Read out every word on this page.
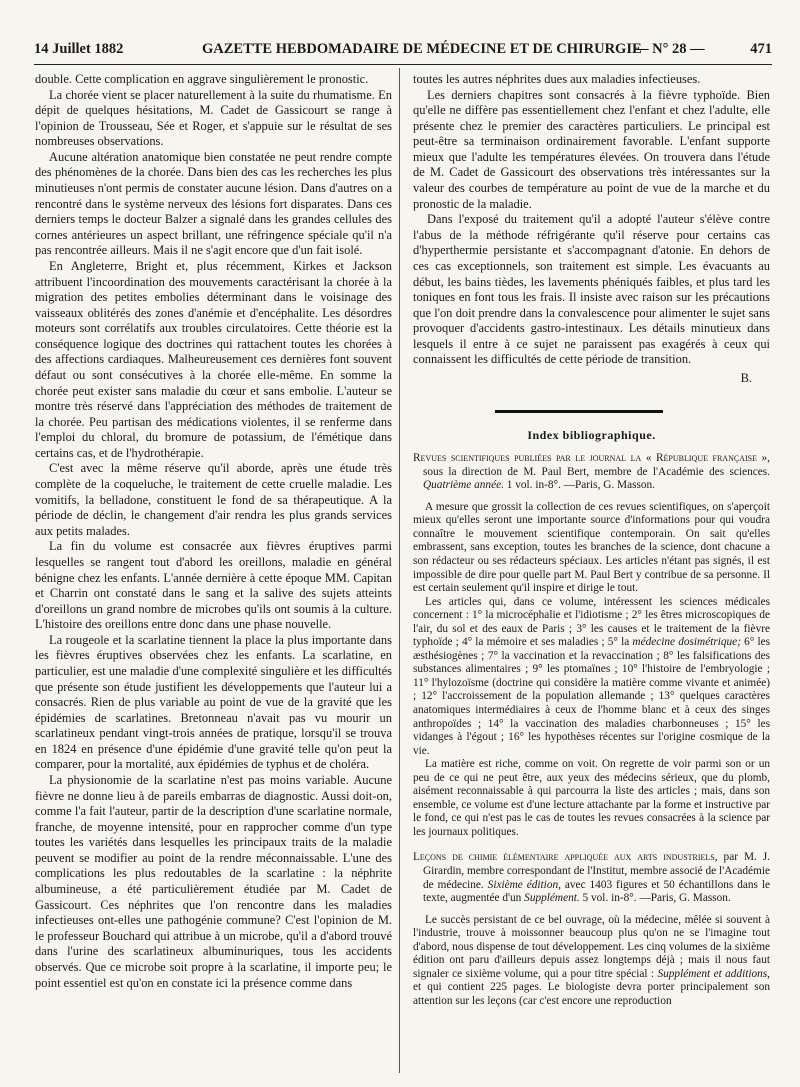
14 Juillet 1882	GAZETTE HEBDOMADAIRE DE MÉDECINE ET DE CHIRURGIE
— N° 28 —	471

double. Cette complication en aggrave singulièrement le pronostic.

La chorée vient se placer naturellement à la suite du rhumatisme. En dépit de quelques hésitations, M. Cadet de Gassicourt se range à l'opinion de Trousseau, Sée et Roger, et s'appuie sur le résultat de ses nombreuses observations.

Aucune altération anatomique bien constatée ne peut rendre compte des phénomènes de la chorée. Dans bien des cas les recherches les plus minutieuses n'ont permis de constater aucune lésion. Dans d'autres on a rencontré dans le système nerveux des lésions fort disparates. Dans ces derniers temps le docteur Balzer a signalé dans les grandes cellules des cornes antérieures un aspect brillant, une réfringence spéciale qu'il n'a pas rencontrée ailleurs. Mais il ne s'agit encore que d'un fait isolé.

En Angleterre, Bright et, plus récemment, Kirkes et Jackson attribuent l'incoordination des mouvements caractérisant la chorée à la migration des petites embolies déterminant dans le voisinage des vaisseaux oblitérés des zones d'anémie et d'encéphalite. Les désordres moteurs sont corrélatifs aux troubles circulatoires. Cette théorie est la conséquence logique des doctrines qui rattachent toutes les chorées à des affections cardiaques. Malheureusement ces dernières font souvent défaut ou sont consécutives à la chorée elle-même. En somme la chorée peut exister sans maladie du cœur et sans embolie. L'auteur se montre très réservé dans l'appréciation des méthodes de traitement de la chorée. Peu partisan des médications violentes, il se renferme dans l'emploi du chloral, du bromure de potassium, de l'émétique dans certains cas, et de l'hydrothérapie.

C'est avec la même réserve qu'il aborde, après une étude très complète de la coqueluche, le traitement de cette cruelle maladie. Les vomitifs, la belladone, constituent le fond de sa thérapeutique. A la période de déclin, le changement d'air rendra les plus grands services aux petits malades.

La fin du volume est consacrée aux fièvres éruptives parmi lesquelles se rangent tout d'abord les oreillons, maladie en général bénigne chez les enfants. L'année dernière à cette époque MM. Capitan et Charrin ont constaté dans le sang et la salive des sujets atteints d'oreillons un grand nombre de microbes qu'ils ont soumis à la culture. L'histoire des oreillons entre donc dans une phase nouvelle.

La rougeole et la scarlatine tiennent la place la plus importante dans les fièvres éruptives observées chez les enfants. La scarlatine, en particulier, est une maladie d'une complexité singulière et les difficultés que présente son étude justifient les développements que l'auteur lui a consacrés. Rien de plus variable au point de vue de la gravité que les épidémies de scarlatines. Bretonneau n'avait pas vu mourir un scarlatineux pendant vingt-trois années de pratique, lorsqu'il se trouva en 1824 en présence d'une épidémie d'une gravité telle qu'on peut la comparer, pour la mortalité, aux épidémies de typhus et de choléra.

La physionomie de la scarlatine n'est pas moins variable. Aucune fièvre ne donne lieu à de pareils embarras de diagnostic. Aussi doit-on, comme l'a fait l'auteur, partir de la description d'une scarlatine normale, franche, de moyenne intensité, pour en rapprocher comme d'un type toutes les variétés dans lesquelles les principaux traits de la maladie peuvent se modifier au point de la rendre méconnaissable. L'une des complications les plus redoutables de la scarlatine : la néphrite albumineuse, a été particulièrement étudiée par M. Cadet de Gassicourt. Ces néphrites que l'on rencontre dans les maladies infectieuses ont-elles une pathogénie commune? C'est l'opinion de M. le professeur Bouchard qui attribue à un microbe, qu'il a d'abord trouvé dans l'urine des scarlatineux albuminuriques, tous les accidents observés. Que ce microbe soit propre à la scarlatine, il importe peu; le point essentiel est qu'on en constate ici la présence comme dans

toutes les autres néphrites dues aux maladies infectieuses.

Les derniers chapitres sont consacrés à la fièvre typhoïde. Bien qu'elle ne diffère pas essentiellement chez l'enfant et chez l'adulte, elle présente chez le premier des caractères particuliers. Le principal est peut-être sa terminaison ordinairement favorable. L'enfant supporte mieux que l'adulte les températures élevées. On trouvera dans l'étude de M. Cadet de Gassicourt des observations très intéressantes sur la valeur des courbes de température au point de vue de la marche et du pronostic de la maladie.

Dans l'exposé du traitement qu'il a adopté l'auteur s'élève contre l'abus de la méthode réfrigérante qu'il réserve pour certains cas d'hyperthermie persistante et s'accompagnant d'atonie. En dehors de ces cas exceptionnels, son traitement est simple. Les évacuants au début, les bains tièdes, les lavements phéniqués faibles, et plus tard les toniques en font tous les frais. Il insiste avec raison sur les précautions que l'on doit prendre dans la convalescence pour alimenter le sujet sans provoquer d'accidents gastro-intestinaux. Les détails minutieux dans lesquels il entre à ce sujet ne paraissent pas exagérés à ceux qui connaissent les difficultés de cette période de transition.

B.
Index bibliographique.

Revues scientifiques publiées par le journal la « République française », sous la direction de M. Paul Bert, membre de l'Académie des sciences. Quatrième année. 1 vol. in-8°. —Paris, G. Masson.

A mesure que grossit la collection de ces revues scientifiques, on s'aperçoit mieux qu'elles seront une importante source d'informations pour qui voudra connaître le mouvement scientifique contemporain. On sait qu'elles embrassent, sans exception, toutes les branches de la science, dont chacune a son rédacteur ou ses rédacteurs spéciaux. Les articles n'étant pas signés, il est impossible de dire pour quelle part M. Paul Bert y contribue de sa personne. Il est certain seulement qu'il inspire et dirige le tout.

Les articles qui, dans ce volume, intéressent les sciences médicales concernent : 1° la microcéphalie et l'idiotisme ; 2° les êtres microscopiques de l'air, du sol et des eaux de Paris ; 3° les causes et le traitement de la fièvre typhoïde ; 4° la mémoire et ses maladies ; 5° la médecine dosimétrique; 6° les æsthésiogènes ; 7° la vaccination et la revaccination ; 8° les falsifications des substances alimentaires ; 9° les ptomaïnes ; 10° l'histoire de l'embryologie ; 11° l'hylozoïsme (doctrine qui considère la matière comme vivante et animée) ; 12° l'accroissement de la population allemande ; 13° quelques caractères anatomiques intermédiaires à ceux de l'homme blanc et à ceux des singes anthropoïdes ; 14° la vaccination des maladies charbonneuses ; 15° les vidanges à l'égout ; 16° les hypothèses récentes sur l'origine cosmique de la vie.

La matière est riche, comme on voit. On regrette de voir parmi son or un peu de ce qui ne peut être, aux yeux des médecins sérieux, que du plomb, aisément reconnaissable à qui parcourra la liste des articles ; mais, dans son ensemble, ce volume est d'une lecture attachante par la forme et instructive par le fond, ce qui n'est pas le cas de toutes les revues consacrées à la science par les journaux politiques.

Leçons de chimie élémentaire appliquée aux arts industriels, par M. J. Girardin, membre correspondant de l'Institut, membre associé de l'Académie de médecine. Sixième édition, avec 1403 figures et 50 échantillons dans le texte, augmentée d'un Supplément. 5 vol. in-8°. —Paris, G. Masson.

Le succès persistant de ce bel ouvrage, où la médecine, mêlée si souvent à l'industrie, trouve à moissonner beaucoup plus qu'on ne se l'imagine tout d'abord, nous dispense de tout développement. Les cinq volumes de la sixième édition ont paru d'ailleurs depuis assez longtemps déjà ; mais il nous faut signaler ce sixième volume, qui a pour titre spécial : Supplément et additions, et qui contient 225 pages. Le biologiste devra porter principalement son attention sur les leçons (car c'est encore une reproduction
